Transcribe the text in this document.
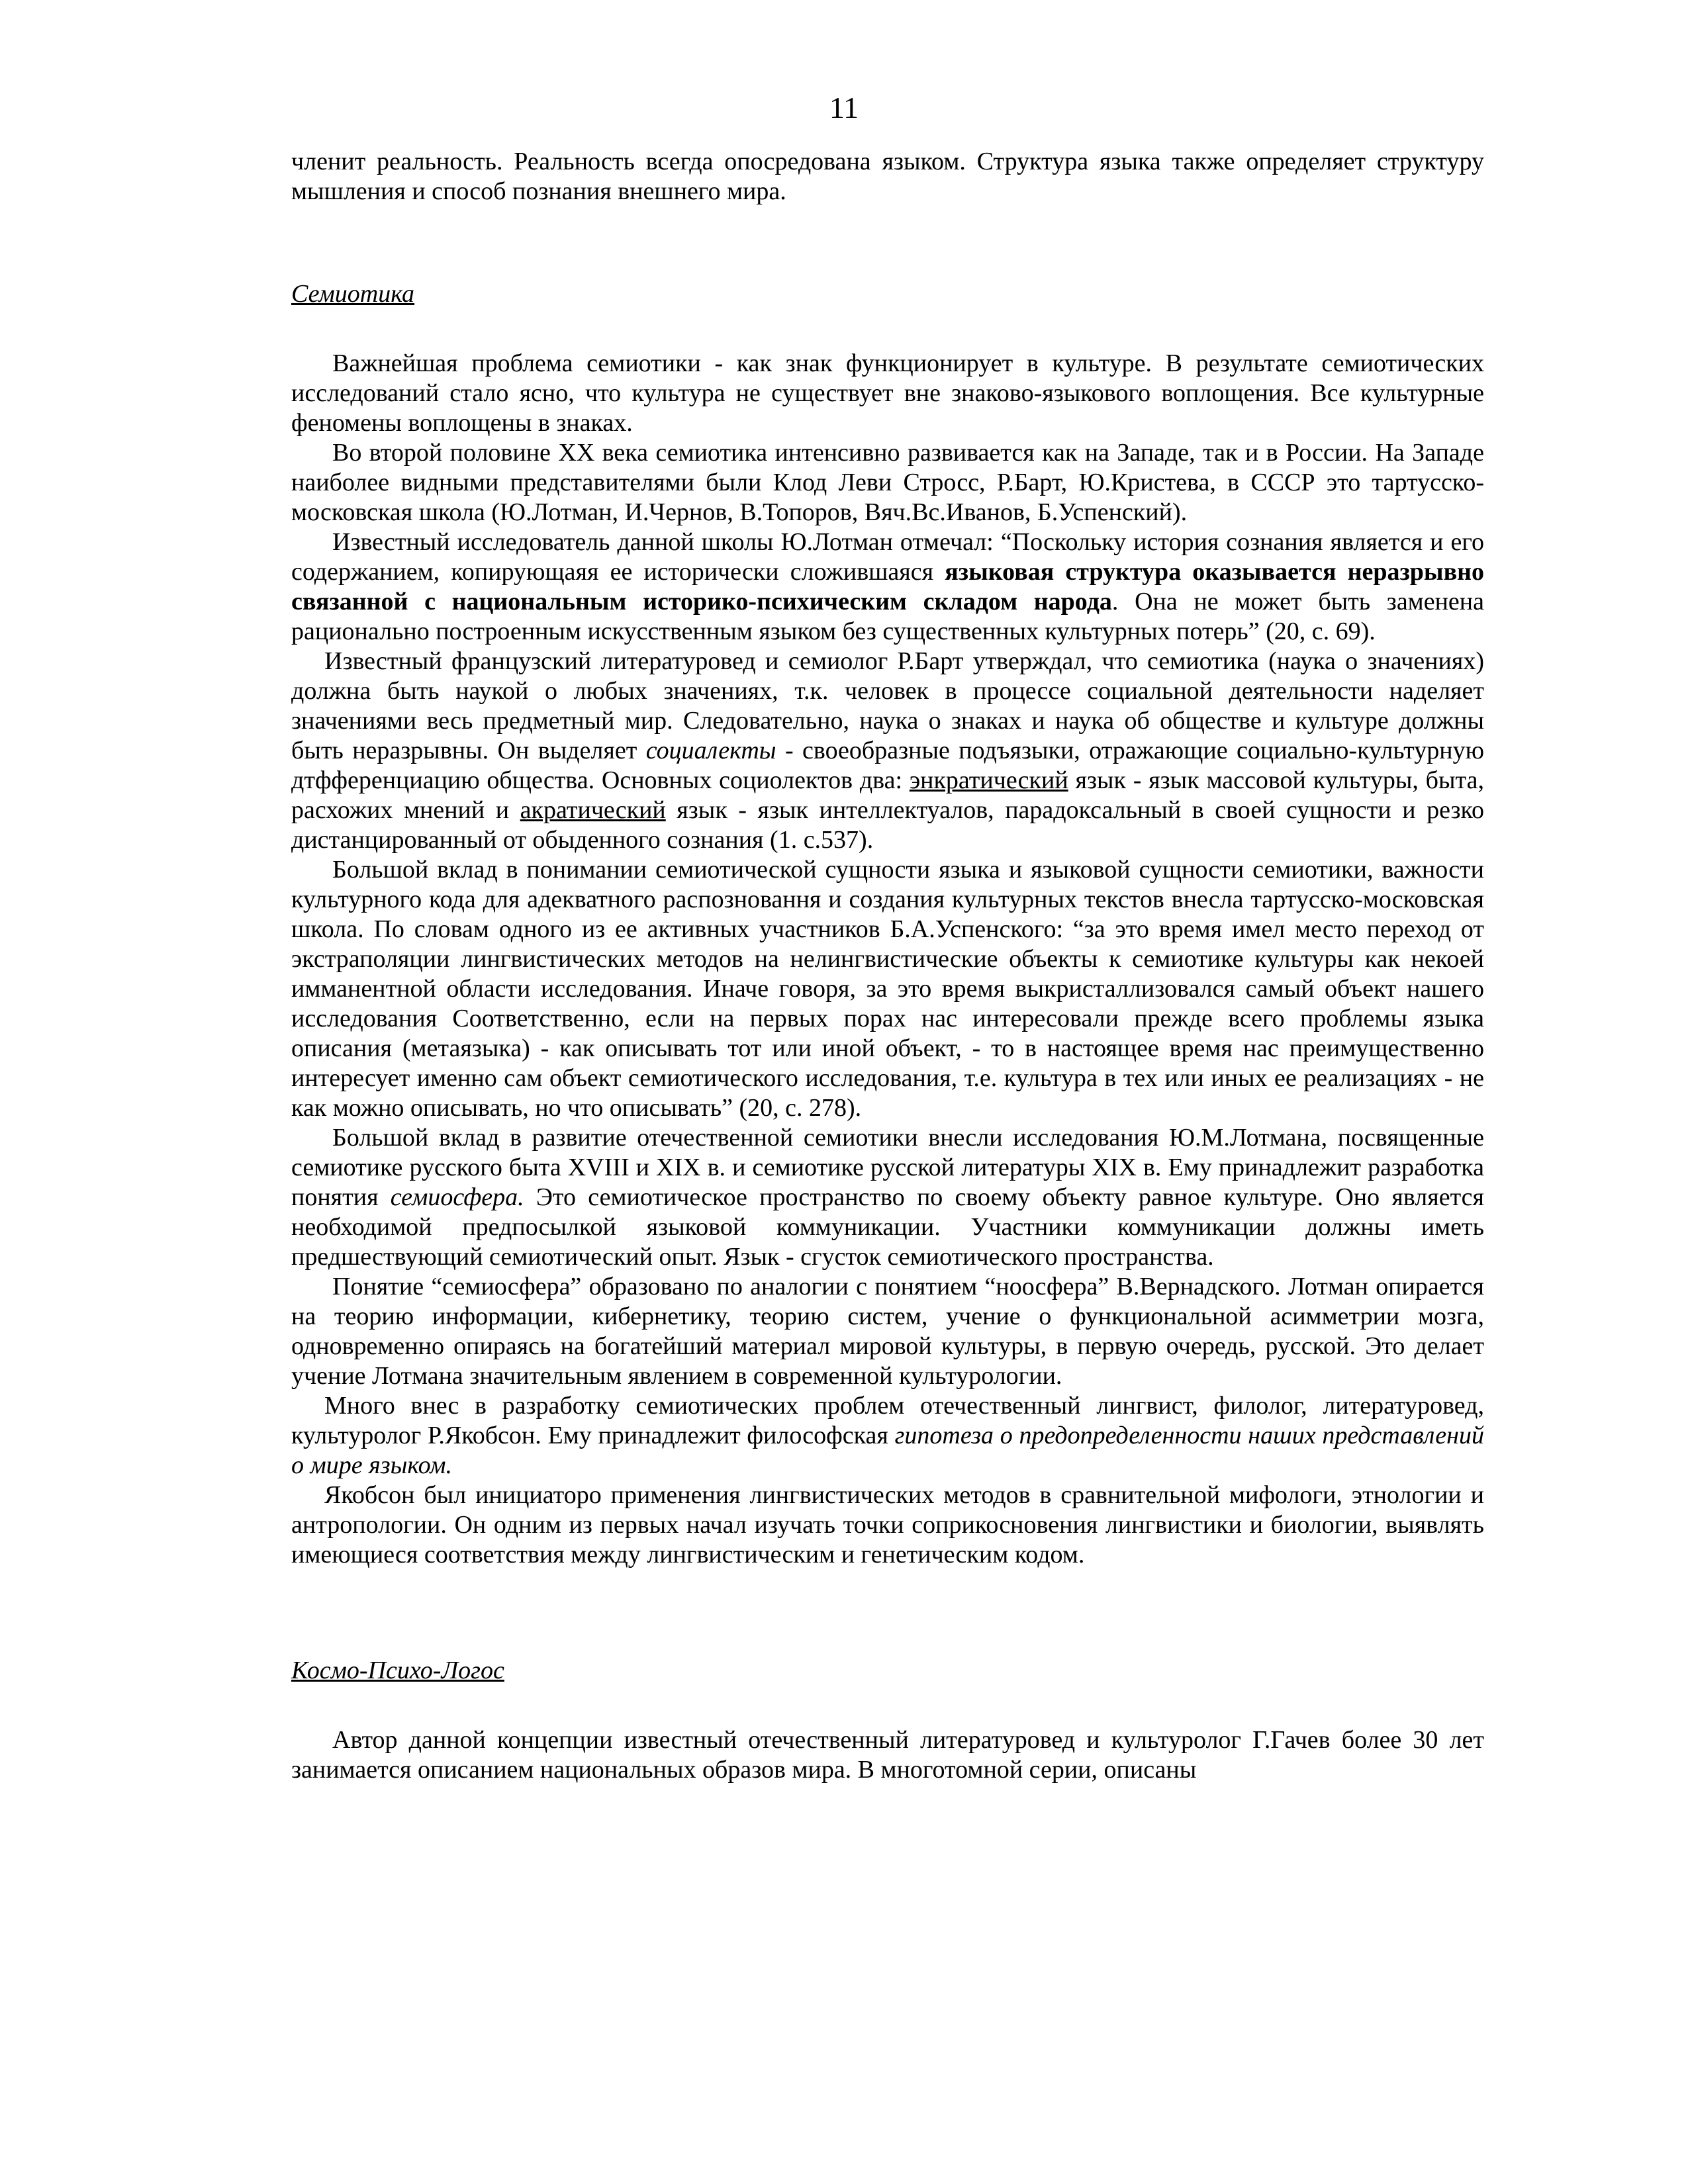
11

членит реальность. Реальность всегда опосредована языком. Структура языка также определяет структуру мышления и способ познания внешнего мира.

Семиотика

Важнейшая проблема семиотики - как знак функционирует в культуре. В результате семиотических исследований стало ясно, что культура не существует вне знаково-языкового воплощения. Все культурные феномены воплощены в знаках.

Во второй половине XX века семиотика интенсивно развивается как на Западе, так и в России. На Западе наиболее видными представителями были Клод Леви Стросс, Р.Барт, Ю.Кристева, в СССР это тартусско-московская школа (Ю.Лотман, И.Чернов, В.Топоров, Вяч.Вс.Иванов, Б.Успенский).

Известный исследователь данной школы Ю.Лотман отмечал: “Поскольку история сознания является и его содержанием, копирующаяя ее исторически сложившаяся языковая структура оказывается неразрывно связанной с национальным историко-психическим складом народа. Она не может быть заменена рационально построенным искусственным языком без существенных культурных потерь” (20, с. 69).

Известный французский литературовед и семиолог Р.Барт утверждал, что семиотика (наука о значениях) должна быть наукой о любых значениях, т.к. человек в процессе социальной деятельности наделяет значениями весь предметный мир. Следовательно, наука о знаках и наука об обществе и культуре должны быть неразрывны. Он выделяет социалекты - своеобразные подъязыки, отражающие социально-культурную дтфференциацию общества. Основных социолектов два: энкратический язык - язык массовой культуры, быта, расхожих мнений и акратический язык - язык интеллектуалов, парадоксальный в своей сущности и резко дистанцированный от обыденного сознания (1. с.537).

Большой вклад в понимании семиотической сущности языка и языковой сущности семиотики, важности культурного кода для адекватного распозновання и создания культурных текстов внесла тартусско-московская школа. По словам одного из ее активных участников Б.А.Успенского: “за это время имел место переход от экстраполяции лингвистических методов на нелингвистические объекты к семиотике культуры как некоей имманентной области исследования. Иначе говоря, за это время выкристаллизовался самый объект нашего исследования Соответственно, если на первых порах нас интересовали прежде всего проблемы языка описания (метаязыка) - как описывать тот или иной объект, - то в настоящее время нас преимущественно интересует именно сам объект семиотического исследования, т.е. культура в тех или иных ее реализациях - не как можно описывать, но что описывать” (20, с. 278).

Большой вклад в развитие отечественной семиотики внесли исследования Ю.М.Лотмана, посвященные семиотике русского быта XVIII и XIX в. и семиотике русской литературы XIX в. Ему принадлежит разработка понятия семиосфера. Это семиотическое пространство по своему объекту равное культуре. Оно является необходимой предпосылкой языковой коммуникации. Участники коммуникации должны иметь предшествующий семиотический опыт. Язык - сгусток семиотического пространства.

Понятие “семиосфера” образовано по аналогии с понятием “ноосфера” В.Вернадского. Лотман опирается на теорию информации, кибернетику, теорию систем, учение о функциональной асимметрии мозга, одновременно опираясь на богатейший материал мировой культуры, в первую очередь, русской. Это делает учение Лотмана значительным явлением в современной культурологии.

Много внес в разработку семиотических проблем отечественный лингвист, филолог, литературовед, культуролог Р.Якобсон. Ему принадлежит философская гипотеза о предопределенности наших представлений о мире языком.

Якобсон был инициаторо применения лингвистических методов в сравнительной мифологи, этнологии и антропологии. Он одним из первых начал изучать точки соприкосновения лингвистики и биологии, выявлять имеющиеся соответствия между лингвистическим и генетическим кодом.

Космо-Психо-Логос

Автор данной концепции известный отечественный литературовед и культуролог Г.Гачев более 30 лет занимается описанием национальных образов мира. В многотомной серии, описаны
